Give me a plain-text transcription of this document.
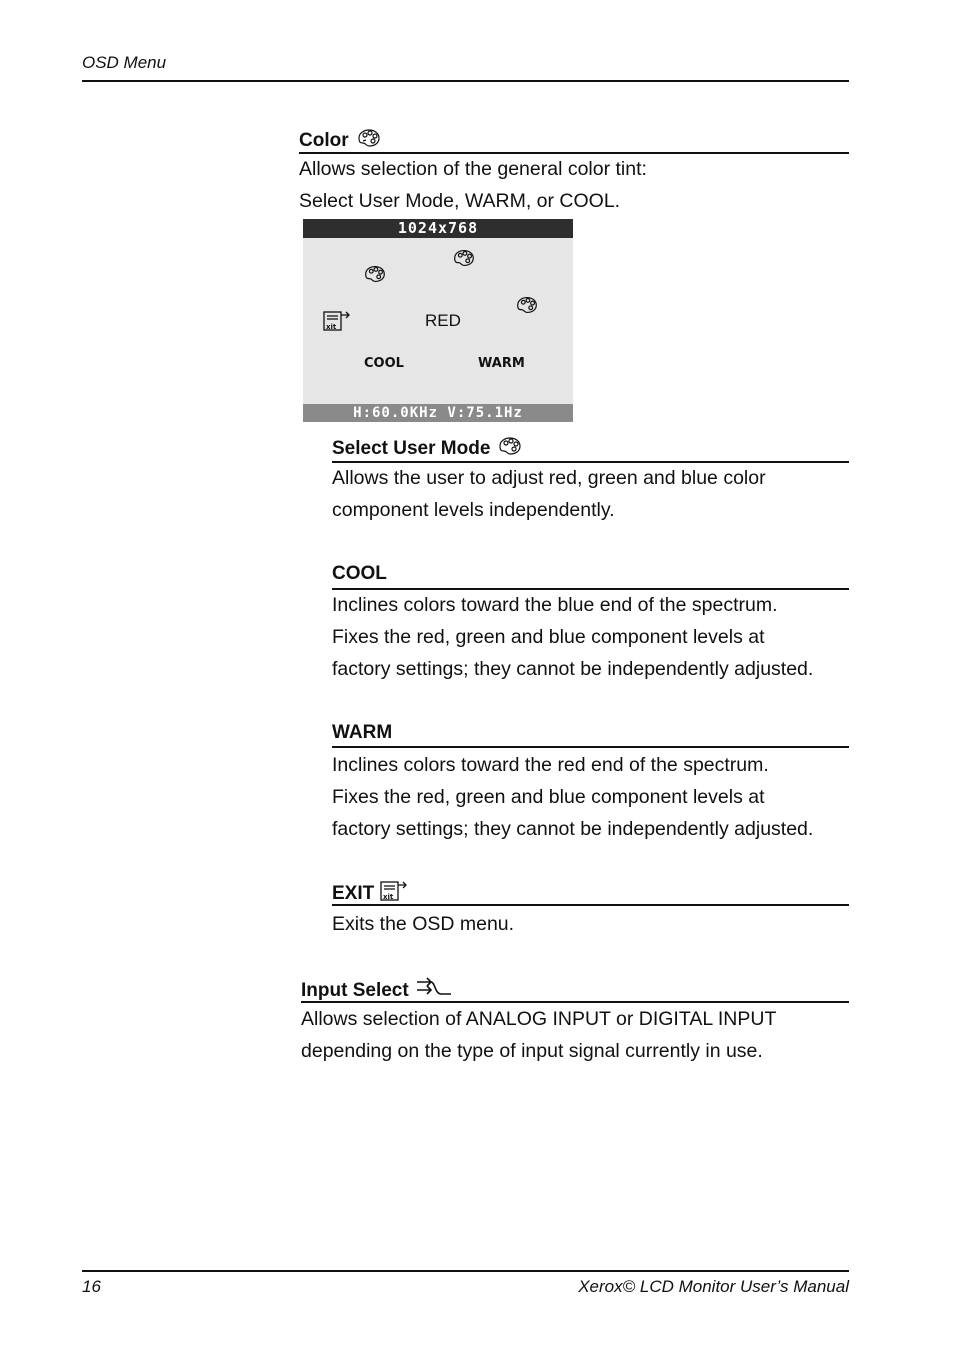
OSD Menu
Color
Allows selection of the general color tint:
Select User Mode, WARM, or COOL.
1024x768
xit	RED
COOL	WARM
H:60.0KHz V:75.1Hz
Select User Mode
Allows the user to adjust red, green and blue color
component levels independently.
COOL
Inclines colors toward the blue end of the spectrum.
Fixes the red, green and blue component levels at
factory settings; they cannot be independently adjusted.
WARM
Inclines colors toward the red end of the spectrum.
Fixes the red, green and blue component levels at
factory settings; they cannot be independently adjusted.
EXIT xit
Exits the OSD menu.
Input Select
Allows selection of ANALOG INPUT or DIGITAL INPUT
depending on the type of input signal currently in use.
16	Xerox© LCD Monitor User’s Manual
